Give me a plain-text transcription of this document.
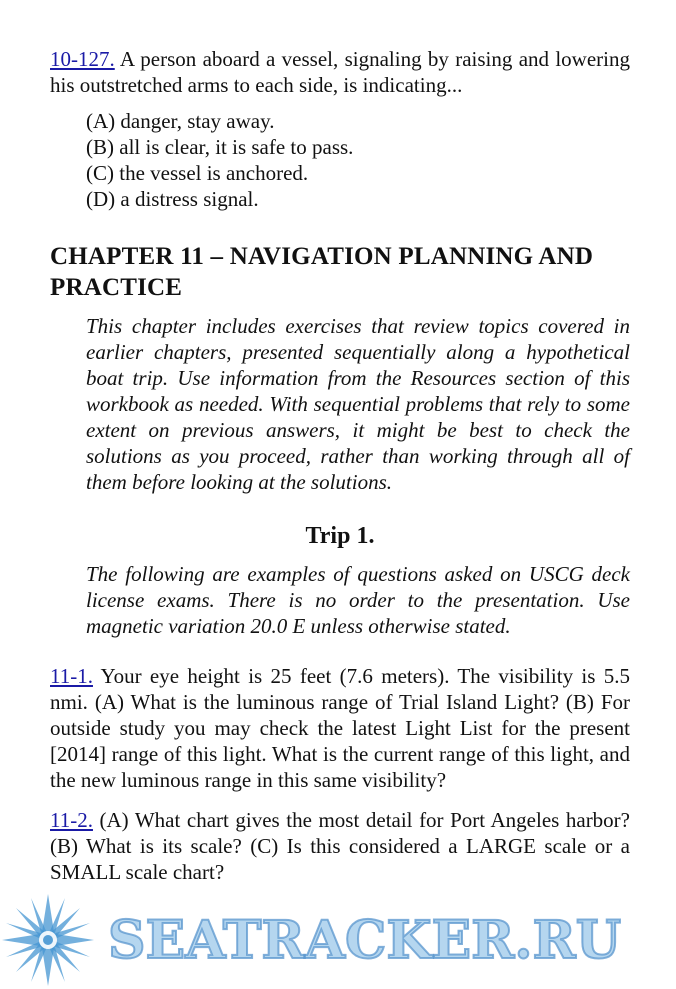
10-127. A person aboard a vessel, signaling by raising and lowering his outstretched arms to each side, is indicating...

(A) danger, stay away.
(B) all is clear, it is safe to pass.
(C) the vessel is anchored.
(D) a distress signal.
CHAPTER 11 – NAVIGATION PLANNING AND PRACTICE

This chapter includes exercises that review topics covered in earlier chapters, presented sequentially along a hypothetical boat trip. Use information from the Resources section of this workbook as needed. With sequential problems that rely to some extent on previous answers, it might be best to check the solutions as you proceed, rather than working through all of them before looking at the solutions.

Trip 1.

The following are examples of questions asked on USCG deck license exams. There is no order to the presentation. Use magnetic variation 20.0 E unless otherwise stated.

11-1. Your eye height is 25 feet (7.6 meters). The visibility is 5.5 nmi. (A) What is the luminous range of Trial Island Light? (B) For outside study you may check the latest Light List for the present [2014] range of this light. What is the current range of this light, and the new luminous range in this same visibility?

11-2. (A) What chart gives the most detail for Port Angeles harbor? (B) What is its scale? (C) Is this considered a LARGE scale or a SMALL scale chart?

SEATRACKER.RU
